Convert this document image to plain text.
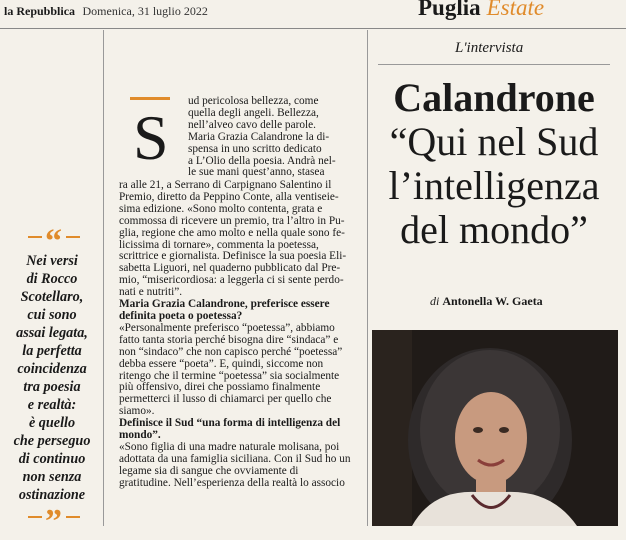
la Repubblica Domenica, 31 luglio 2022	Puglia Estate
“
Nei versi
di Rocco
Scotellaro,
cui sono
assai legata,
la perfetta
coincidenza
tra poesia
e realtà:
è quello
che perseguo
di continuo
non senza
ostinazione
”
S
ud pericolosa bellezza, come
quella degli angeli. Bellezza,
nell’alveo cavo delle parole.
Maria Grazia Calandrone la di-
spensa in uno scritto dedicato
a L’Olio della poesia. Andrà nel-
le sue mani quest’anno, staseа
ra alle 21, a Serrano di Carpignano Salentino il
Premio, diretto da Peppino Conte, alla ventiseie-
sima edizione. «Sono molto contenta, grata e
commossa di ricevere un premio, tra l’altro in Pu-
glia, regione che amo molto e nella quale sono fe-
licissima di tornare», commenta la poetessa,
scrittrice e giornalista. Definisce la sua poesia Eli-
sabetta Liguori, nel quaderno pubblicato dal Pre-
mio, “misericordiosa: a leggerla ci si sente perdo-
nati e nutriti”.
Maria Grazia Calandrone, preferisce essere
definita poeta o poetessa?
«Personalmente preferisco “poetessa”, abbiamo
fatto tanta storia perché bisogna dire “sindaca” e
non “sindaco” che non capisco perché “poetessa”
debba essere “poeta”. E, quindi, siccome non
ritengo che il termine “poetessa” sia socialmente
più offensivo, direi che possiamo finalmente
permetterci il lusso di chiamarci per quello che
siamo».
Definisce il Sud “una forma di intelligenza del
mondo”.
«Sono figlia di una madre naturale molisana, poi
adottata da una famiglia siciliana. Con il Sud ho un
legame sia di sangue che ovviamente di
gratitudine. Nell’esperienza della realtà lo associo
L'intervista
Calandrone
“Qui nel Sud
l’intelligenza
del mondo”
di Antonella W. Gaeta
